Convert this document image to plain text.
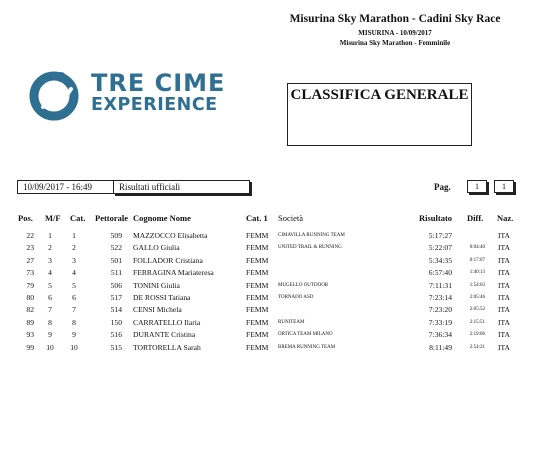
Misurina Sky Marathon - Cadini Sky Race
MISURINA - 10/09/2017
Misurina Sky Marathon - Femminile
TRE CIME
EXPERIENCE	CLASSIFICA GENERALE
10/09/2017 - 16:49	Risultati ufficiali	Pag.	1	1
Pos. M/F Cat. Pettorale Cognome Nome	Cat. 1 Società	Risultato Diff. Naz.
22	1	1	509 MAZZOCCO Elisabetta	FEMM	CIMAVILLA RUNNING TEAM	5:17:27	ITA
23	2	2	522 GALLO Giulia	FEMM	UNITED TRAIL & RUNNING	5:22:07	0:04:40 ITA
27	3	3	501 FOLLADOR Cristiana	FEMM	5:34:35	0:17:07 ITA
73	4	4	511 FERRAGINA Mariateresa	FEMM	6:57:40	1:40:13 ITA
79	5	5	506 TONINI Giulia	FEMM	MUGELLO OUTDOOR	7:11:31	1:54:03 ITA
80	6	6	517 DE ROSSI Tatiana	FEMM	TORNADO ASD	7:23:14	2:05:46 ITA
82	7	7	514 CENSI Michela	FEMM	7:23:20	2:05:52 ITA
89	8	8	150 CARRATELLO Ilaria	FEMM	RUNITEAM	7:33:19	2:15:51 ITA
93	9	9	516 DURANTE Cristina	FEMM	ORTICA TEAM MILANO	7:36:34	2:19:06 ITA
99	10	10	515 TORTORELLA Sarah	FEMM	BREMA RUNNING TEAM	8:11:49	2:54:21 ITA
